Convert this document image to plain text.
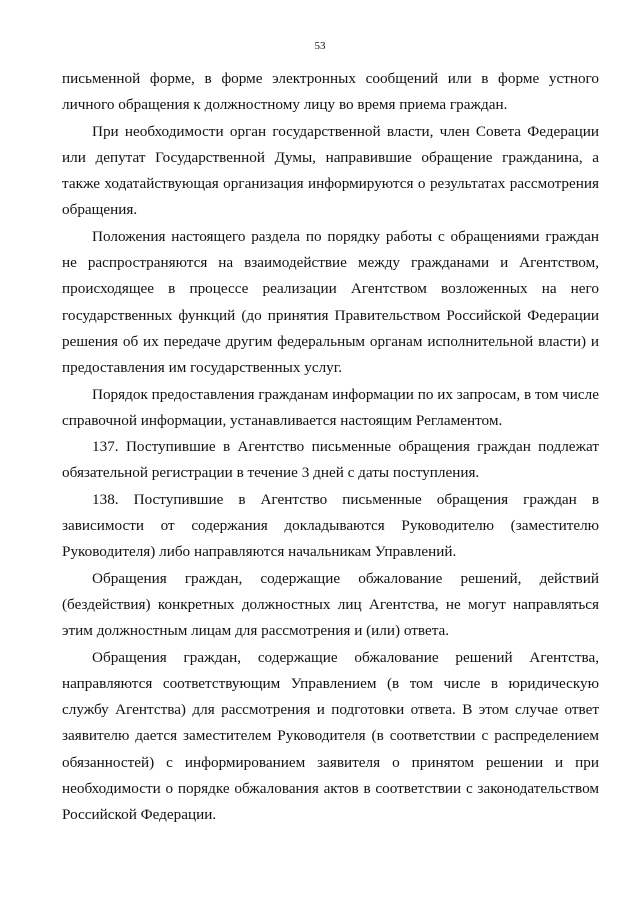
53

письменной форме, в форме электронных сообщений или в форме устного личного обращения к должностному лицу во время приема граждан.

При необходимости орган государственной власти, член Совета Федерации или депутат Государственной Думы, направившие обращение гражданина, а также ходатайствующая организация информируются о результатах рассмотрения обращения.

Положения настоящего раздела по порядку работы с обращениями граждан не распространяются на взаимодействие между гражданами и Агентством, происходящее в процессе реализации Агентством возложенных на него государственных функций (до принятия Правительством Российской Федерации решения об их передаче другим федеральным органам исполнительной власти) и предоставления им государственных услуг.

Порядок предоставления гражданам информации по их запросам, в том числе справочной информации, устанавливается настоящим Регламентом.

137. Поступившие в Агентство письменные обращения граждан подлежат обязательной регистрации в течение 3 дней с даты поступления.

138. Поступившие в Агентство письменные обращения граждан в зависимости от содержания докладываются Руководителю (заместителю Руководителя) либо направляются начальникам Управлений.

Обращения граждан, содержащие обжалование решений, действий (бездействия) конкретных должностных лиц Агентства, не могут направляться этим должностным лицам для рассмотрения и (или) ответа.

Обращения граждан, содержащие обжалование решений Агентства, направляются соответствующим Управлением (в том числе в юридическую службу Агентства) для рассмотрения и подготовки ответа. В этом случае ответ заявителю дается заместителем Руководителя (в соответствии с распределением обязанностей) с информированием заявителя о принятом решении и при необходимости о порядке обжалования актов в соответствии с законодательством Российской Федерации.
